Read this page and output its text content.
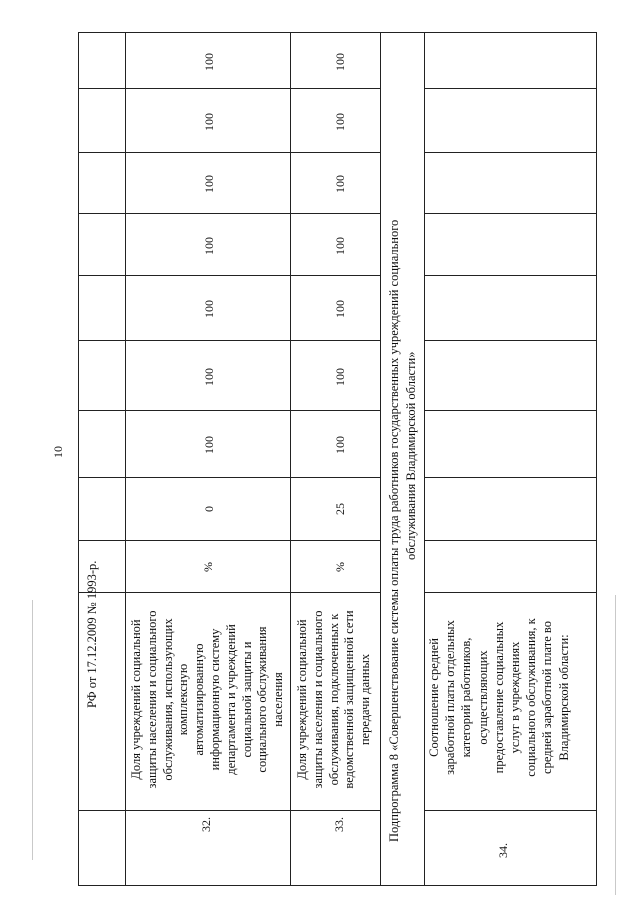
10
РФ от 17.12.2009 № 1993-р.
32.
Доля учреждений социальной защиты населения и социального обслуживания, использующих комплексную автоматизированную информационную систему департамента и учреждений социальной защиты и социального обслуживания населения
%
0
100
100
100
100
100
100
100
33.
Доля учреждений социальной защиты населения и социального обслуживания, подключенных к ведомственной защищенной сети передачи данных
%
25
100
100
100
100
100
100
100
Подпрограмма 8 «Совершенствование системы оплаты труда работников государственных учреждений социального обслуживания Владимирской области»
34.
Соотношение средней заработной платы отдельных категорий работников, осуществляющих предоставление социальных услуг в учреждениях социального обслуживания, к средней заработной плате во Владимирской области:
